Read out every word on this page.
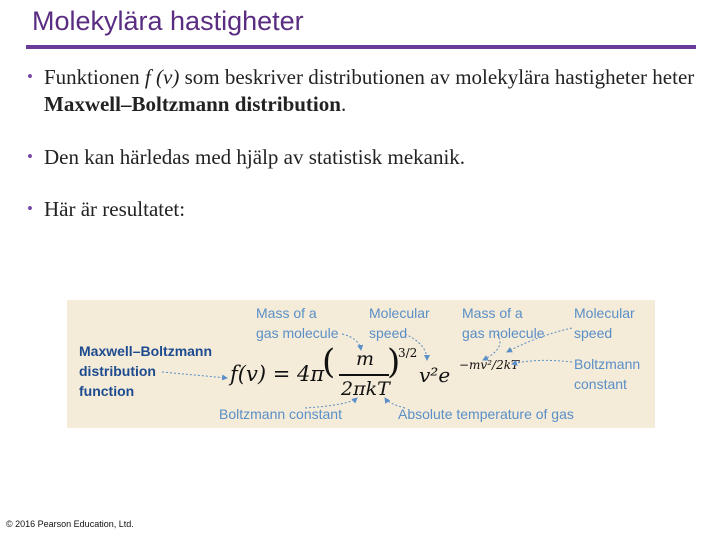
Molekylära hastigheter
• Funktionen f (v) som beskriver distributionen av molekylära hastigheter heter Maxwell–Boltzmann distribution.
• Den kan härledas med hjälp av statistisk mekanik.
• Här är resultatet:
Maxwell–Boltzmann
distribution
function
Mass of a
gas molecule
Molecular
speed
Mass of a
gas molecule
Molecular
speed
Boltzmann
constant
Boltzmann constant	Absolute temperature of gas
f(v) = 4π
( m
2πkT
)
3/2
v²e −mv²/2kT
© 2016 Pearson Education, Ltd.
